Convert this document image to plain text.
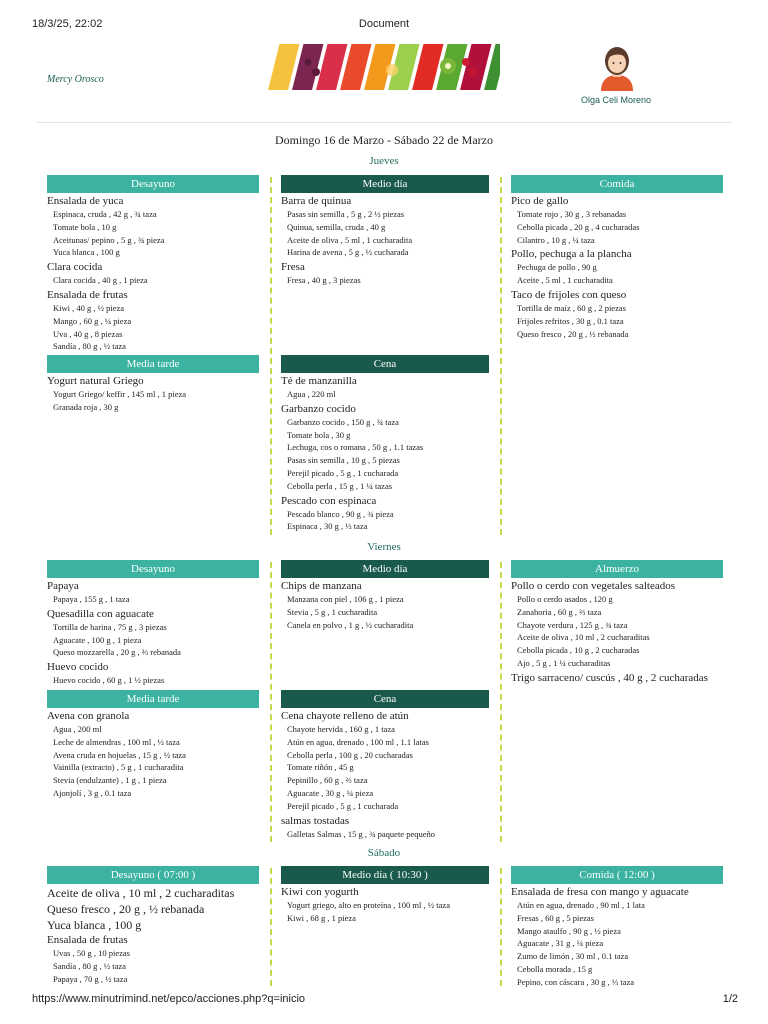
18/3/25, 22:02	Document
Mercy Orosco
Olga Celi Moreno
Domingo 16 de Marzo - Sábado 22 de Marzo
Jueves
Desayuno
Ensalada de yuca
Espinaca, cruda , 42 g , ¾ taza
Tomate bola , 10 g
Aceitunas/ pepino , 5 g , ¾ pieza
Yuca blanca , 100 g
Clara cocida
Clara cocida , 40 g , 1 pieza
Ensalada de frutas
Kiwi , 40 g , ½ pieza
Mango , 60 g , ¼ pieza
Uva , 40 g , 8 piezas
Sandía , 80 g , ½ taza
Medio día
Barra de quinua
Pasas sin semilla , 5 g , 2 ½ piezas
Quinua, semilla, cruda , 40 g
Aceite de oliva , 5 ml , 1 cucharadita
Harina de avena , 5 g , ½ cucharada
Fresa
Fresa , 40 g , 3 piezas
Comida
Pico de gallo
Tomate rojo , 30 g , 3 rebanadas
Cebolla picada , 20 g , 4 cucharadas
Cilantro , 10 g , ¼ taza
Pollo, pechuga a la plancha
Pechuga de pollo , 90 g
Aceite , 5 ml , 1 cucharadita
Taco de frijoles con queso
Tortilla de maíz , 60 g , 2 piezas
Frijoles refritos , 30 g , 0.1 taza
Queso fresco , 20 g , ½ rebanada
Media tarde
Yogurt natural Griego
Yogurt Griego/ keffir , 145 ml , 1 pieza
Granada roja , 30 g
Cena
Té de manzanilla
Agua , 220 ml
Garbanzo cocido
Garbanzo cocido , 150 g , ¾ taza
Tomate bola , 30 g
Lechuga, cos o romana , 50 g , 1.1 tazas
Pasas sin semilla , 10 g , 5 piezas
Perejil picado , 5 g , 1 cucharada
Cebolla perla , 15 g , 1 ¼ tazas
Pescado con espinaca
Pescado blanco , 90 g , ¾ pieza
Espinaca , 30 g , ½ taza
Viernes
Desayuno
Papaya
Papaya , 155 g , 1 taza
Quesadilla con aguacate
Tortilla de harina , 75 g , 3 piezas
Aguacate , 100 g , 1 pieza
Queso mozzarella , 20 g , ⅔ rebanada
Huevo cocido
Huevo cocido , 60 g , 1 ½ piezas
Medio día
Chips de manzana
Manzana con piel , 106 g , 1 pieza
Stevia , 5 g , 1 cucharadita
Canela en polvo , 1 g , ½ cucharadita
Almuerzo
Pollo o cerdo con vegetales salteados
Pollo o cerdo asados , 120 g
Zanahoria , 60 g , ⅔ taza
Chayote verdura , 125 g , ¾ taza
Aceite de oliva , 10 ml , 2 cucharaditas
Cebolla picada , 10 g , 2 cucharadas
Ajo , 5 g , 1 ¼ cucharaditas
Trigo sarraceno/ cuscús , 40 g , 2 cucharadas
Media tarde
Avena con granola
Agua , 200 ml
Leche de almendras , 100 ml , ½ taza
Avena cruda en hojuelas , 15 g , ½ taza
Vainilla (extracto) , 5 g , 1 cucharadita
Stevia (endulzante) , 1 g , 1 pieza
Ajonjolí , 3 g , 0.1 taza
Cena
Cena chayote relleno de atún
Chayote hervida , 160 g , 1 taza
Atún en agua, drenado , 100 ml , 1.1 latas
Cebolla perla , 100 g , 20 cucharadas
Tomate riñón , 45 g
Pepinillo , 60 g , ⅔ taza
Aguacate , 30 g , ¼ pieza
Perejil picado , 5 g , 1 cucharada
salmas tostadas
Galletas Salmas , 15 g , ¾ paquete pequeño
Sábado
Desayuno ( 07:00 )
Aceite de oliva , 10 ml , 2 cucharaditas
Queso fresco , 20 g , ½ rebanada
Yuca blanca , 100 g
Ensalada de frutas
Uvas , 50 g , 10 piezas
Sandía , 80 g , ½ taza
Papaya , 70 g , ½ taza
Medio día ( 10:30 )
Kiwi con yogurth
Yogurt griego, alto en proteína , 100 ml , ½ taza
Kiwi , 68 g , 1 pieza
Comida ( 12:00 )
Ensalada de fresa con mango y aguacate
Atún en agua, drenado , 90 ml , 1 lata
Fresas , 60 g , 5 piezas
Mango ataulfo , 90 g , ½ pieza
Aguacate , 31 g , ¼ pieza
Zumo de limón , 30 ml , 0.1 taza
Cebolla morada , 15 g
Pepino, con cáscara , 30 g , ⅓ taza
https://www.minutrimind.net/epco/acciones.php?q=inicio	1/2
